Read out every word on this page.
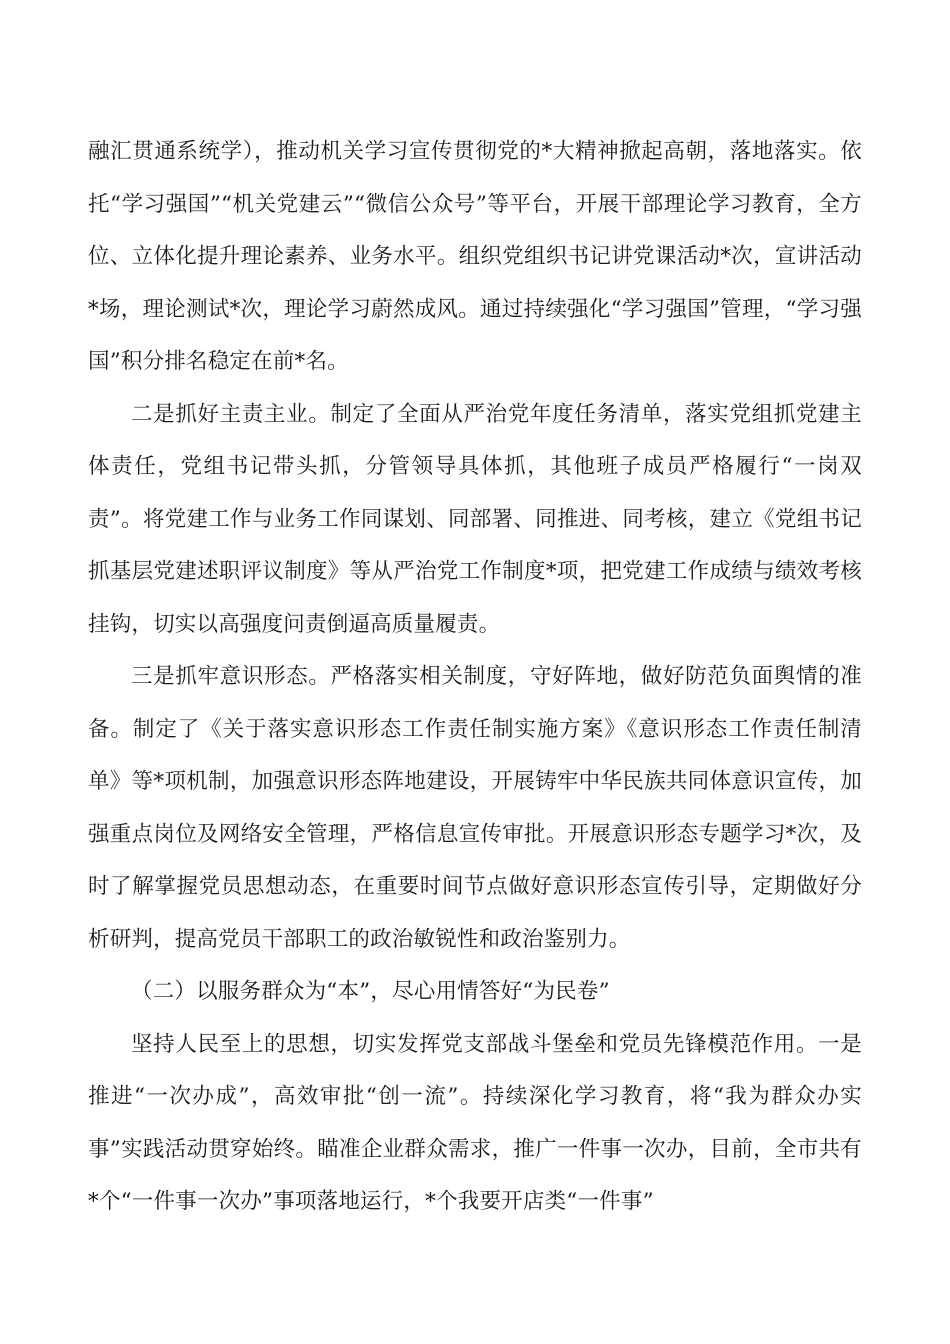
融汇贯通系统学），推动机关学习宣传贯彻党的*大精神掀起高朝，落地落实。依托“学习强国”“机关党建云”“微信公众号”等平台，开展干部理论学习教育，全方位、立体化提升理论素养、业务水平。组织党组织书记讲党课活动*次，宣讲活动*场，理论测试*次，理论学习蔚然成风。通过持续强化“学习强国”管理，“学习强国”积分排名稳定在前*名。

二是抓好主责主业。制定了全面从严治党年度任务清单，落实党组抓党建主体责任，党组书记带头抓，分管领导具体抓，其他班子成员严格履行“一岗双责”。将党建工作与业务工作同谋划、同部署、同推进、同考核，建立《党组书记抓基层党建述职评议制度》等从严治党工作制度*项，把党建工作成绩与绩效考核挂钩，切实以高强度问责倒逼高质量履责。

三是抓牢意识形态。严格落实相关制度，守好阵地，做好防范负面舆情的准备。制定了《关于落实意识形态工作责任制实施方案》《意识形态工作责任制清单》等*项机制，加强意识形态阵地建设，开展铸牢中华民族共同体意识宣传，加强重点岗位及网络安全管理，严格信息宣传审批。开展意识形态专题学习*次，及时了解掌握党员思想动态，在重要时间节点做好意识形态宣传引导，定期做好分析研判，提高党员干部职工的政治敏锐性和政治鉴别力。

（二）以服务群众为“本”，尽心用情答好“为民卷”

坚持人民至上的思想，切实发挥党支部战斗堡垒和党员先锋模范作用。一是推进“一次办成”，高效审批“创一流”。持续深化学习教育，将“我为群众办实事”实践活动贯穿始终。瞄准企业群众需求，推广一件事一次办，目前，全市共有*个“一件事一次办”事项落地运行，*个我要开店类“一件事”
